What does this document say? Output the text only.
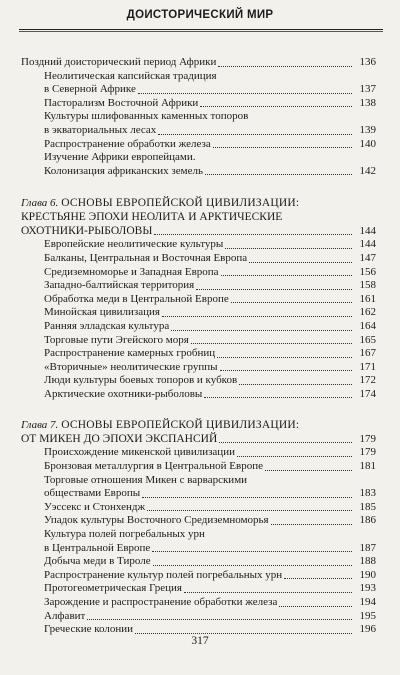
ДОИСТОРИЧЕСКИЙ МИР
Поздний доисторический период Африки	136
Неолитическая капсийская традиция
в Северной Африке	137
Пасторализм Восточной Африки	138
Культуры шлифованных каменных топоров
в экваториальных лесах	139
Распространение обработки железа	140
Изучение Африки европейцами.
Колонизация африканских земель	142
Глава 6. ОСНОВЫ ЕВРОПЕЙСКОЙ ЦИВИЛИЗАЦИИ:
КРЕСТЬЯНЕ ЭПОХИ НЕОЛИТА И АРКТИЧЕСКИЕ
ОХОТНИКИ-РЫБОЛОВЫ	144
Европейские неолитические культуры	144
Балканы, Центральная и Восточная Европа	147
Средиземноморье и Западная Европа	156
Западно-балтийская территория	158
Обработка меди в Центральной Европе	161
Минойская цивилизация	162
Ранняя элладская культура	164
Торговые пути Эгейского моря	165
Распространение камерных гробниц	167
«Вторичные» неолитические группы	171
Люди культуры боевых топоров и кубков	172
Арктические охотники-рыболовы	174
Глава 7. ОСНОВЫ ЕВРОПЕЙСКОЙ ЦИВИЛИЗАЦИИ:
ОТ МИКЕН ДО ЭПОХИ ЭКСПАНСИЙ	179
Происхождение микенской цивилизации	179
Бронзовая металлургия в Центральной Европе	181
Торговые отношения Микен с варварскими
обществами Европы	183
Уэссекс и Стонхендж	185
Упадок культуры Восточного Средиземноморья	186
Культура полей погребальных урн
в Центральной Европе	187
Добыча меди в Тироле	188
Распространение культур полей погребальных урн	190
Протогеометрическая Греция	193
Зарождение и распространение обработки железа	194
Алфавит	195
Греческие колонии	196
317
